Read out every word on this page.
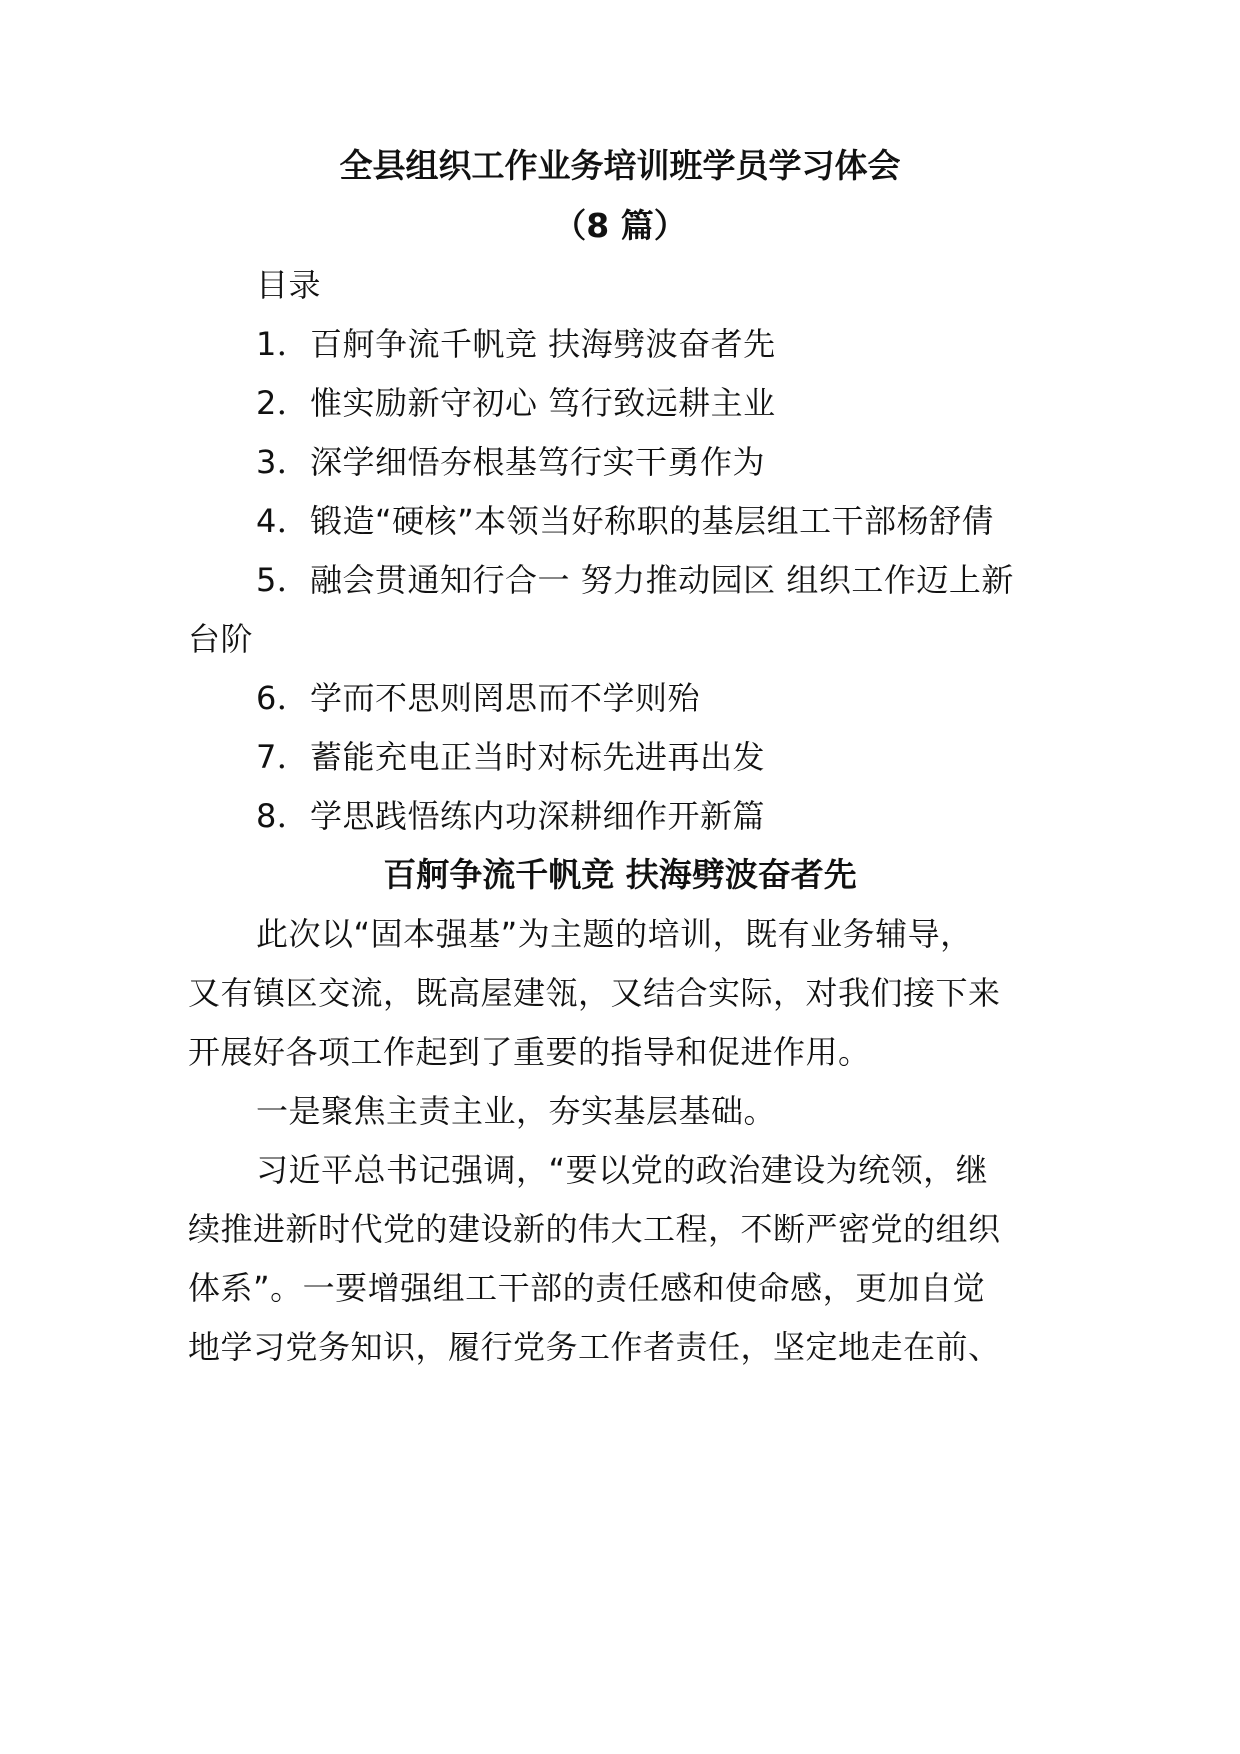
全县组织工作业务培训班学员学习体会
（8 篇）
目录
1．百舸争流千帆竞 扶海劈波奋者先
2．惟实励新守初心 笃行致远耕主业
3．深学细悟夯根基笃行实干勇作为
4．锻造“硬核”本领当好称职的基层组工干部杨舒倩
5．融会贯通知行合一 努力推动园区 组织工作迈上新
台阶
6．学而不思则罔思而不学则殆
7．蓄能充电正当时对标先进再出发
8．学思践悟练内功深耕细作开新篇
百舸争流千帆竞 扶海劈波奋者先
此次以“固本强基”为主题的培训，既有业务辅导，
又有镇区交流，既高屋建瓴，又结合实际，对我们接下来
开展好各项工作起到了重要的指导和促进作用。
一是聚焦主责主业，夯实基层基础。
习近平总书记强调，“要以党的政治建设为统领，继
续推进新时代党的建设新的伟大工程，不断严密党的组织
体系”。一要增强组工干部的责任感和使命感，更加自觉
地学习党务知识，履行党务工作者责任，坚定地走在前、
